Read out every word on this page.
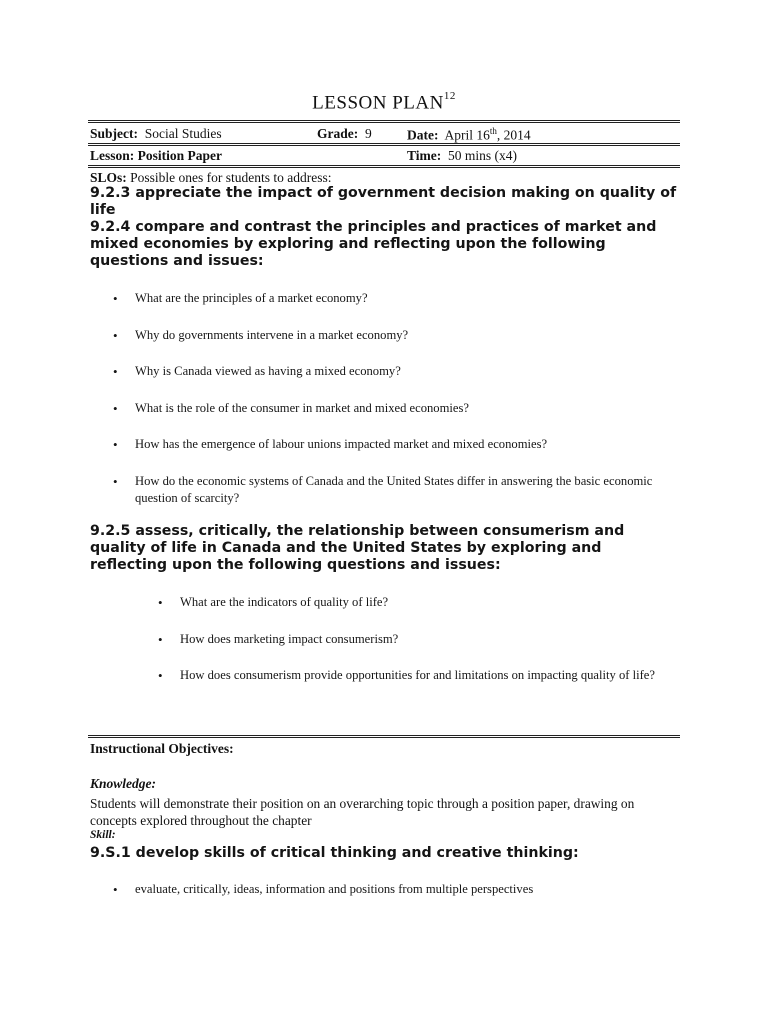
LESSON PLAN$^{12}$
Subject: Social Studies	Grade: 9	Date: April 16th, 2014
Lesson: Position Paper	Time: 50 mins (x4)
SLOs: Possible ones for students to address:
9.2.3 appreciate the impact of government decision making on quality of life
9.2.4 compare and contrast the principles and practices of market and mixed economies by exploring and reflecting upon the following questions and issues:
• What are the principles of a market economy?
• Why do governments intervene in a market economy?
• Why is Canada viewed as having a mixed economy?
• What is the role of the consumer in market and mixed economies?
• How has the emergence of labour unions impacted market and mixed economies?
• How do the economic systems of Canada and the United States differ in answering the basic economic question of scarcity?
9.2.5 assess, critically, the relationship between consumerism and quality of life in Canada and the United States by exploring and reflecting upon the following questions and issues:
• What are the indicators of quality of life?
• How does marketing impact consumerism?
• How does consumerism provide opportunities for and limitations on impacting quality of life?
Instructional Objectives:
Knowledge:
Students will demonstrate their position on an overarching topic through a position paper, drawing on concepts explored throughout the chapter
Skill:
9.S.1 develop skills of critical thinking and creative thinking:
• evaluate, critically, ideas, information and positions from multiple perspectives
